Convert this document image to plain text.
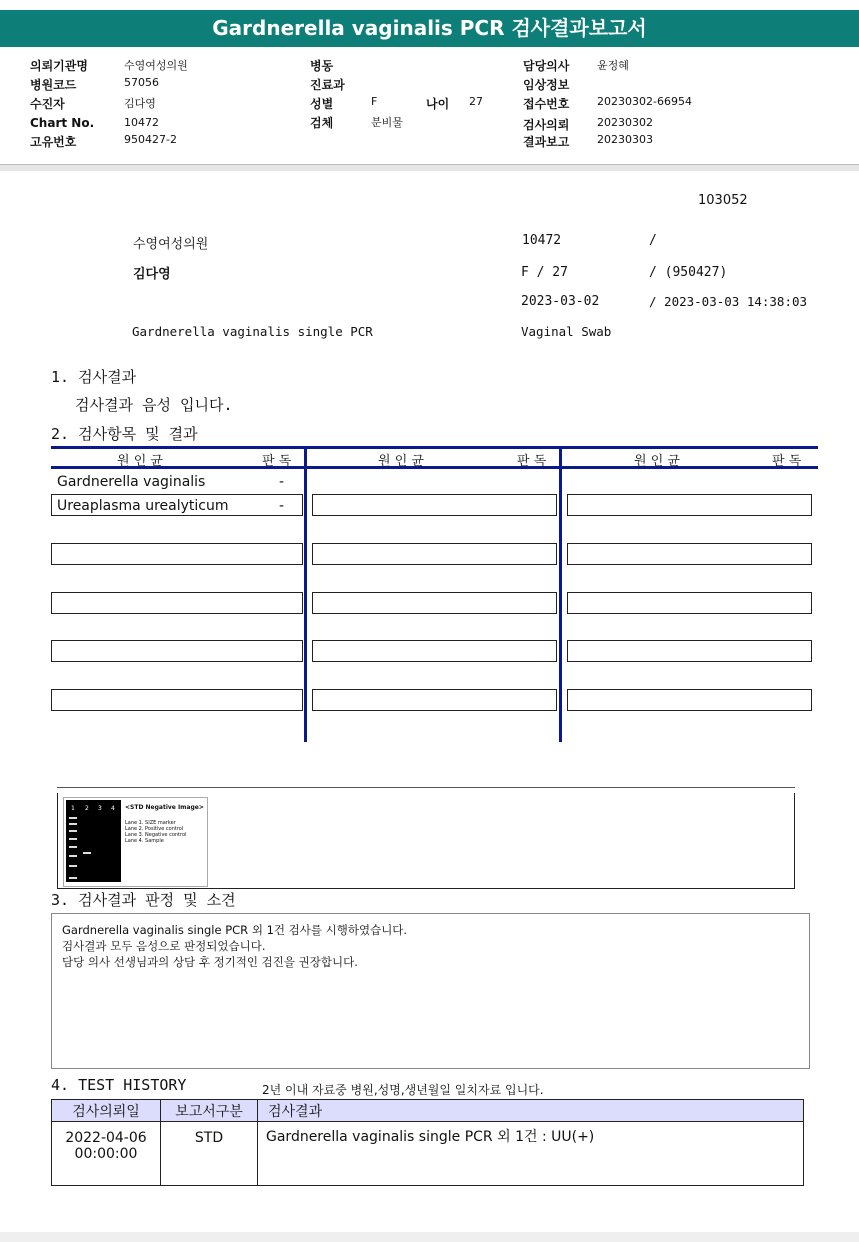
Gardnerella vaginalis PCR 검사결과보고서
의뢰기관명	수영여성의원
병원코드	57056
수진자	김다영
Chart No.	10472
고유번호	950427-2
병동
진료과
성별	F	나이 27
검체	분비물
담당의사	윤정혜
임상정보
접수번호	20230302-66954
검사의뢰	20230302
결과보고	20230303
103052
수영여성의원	10472	/
김다영	F / 27	/ (950427)
2023-03-02	/ 2023-03-03 14:38:03
Gardnerella vaginalis single PCR	Vaginal Swab
1. 검사결과
검사결과 음성 입니다.
2. 검사항목 및 결과
원 인 균	판 독	원 인 균	판 독	원 인 균	판 독
Gardnerella vaginalis	-
Ureaplasma urealyticum	-
1 2 3 4 <STD Negative Image>
Lane 1. SIZE marker
Lane 2. Positive control
Lane 3. Negative control
Lane 4. Sample
3. 검사결과 판정 및 소견
Gardnerella vaginalis single PCR 외 1건 검사를 시행하였습니다.
검사결과 모두 음성으로 판정되었습니다.
담당 의사 선생님과의 상담 후 정기적인 검진을 권장합니다.
4. TEST HISTORY	2년 이내 자료중 병원,성명,생년월일 일치자료 입니다.
검사의뢰일	보고서구분	검사결과

2022-04-06
00:00:00	STD	Gardnerella vaginalis single PCR 외 1건 : UU(+)
